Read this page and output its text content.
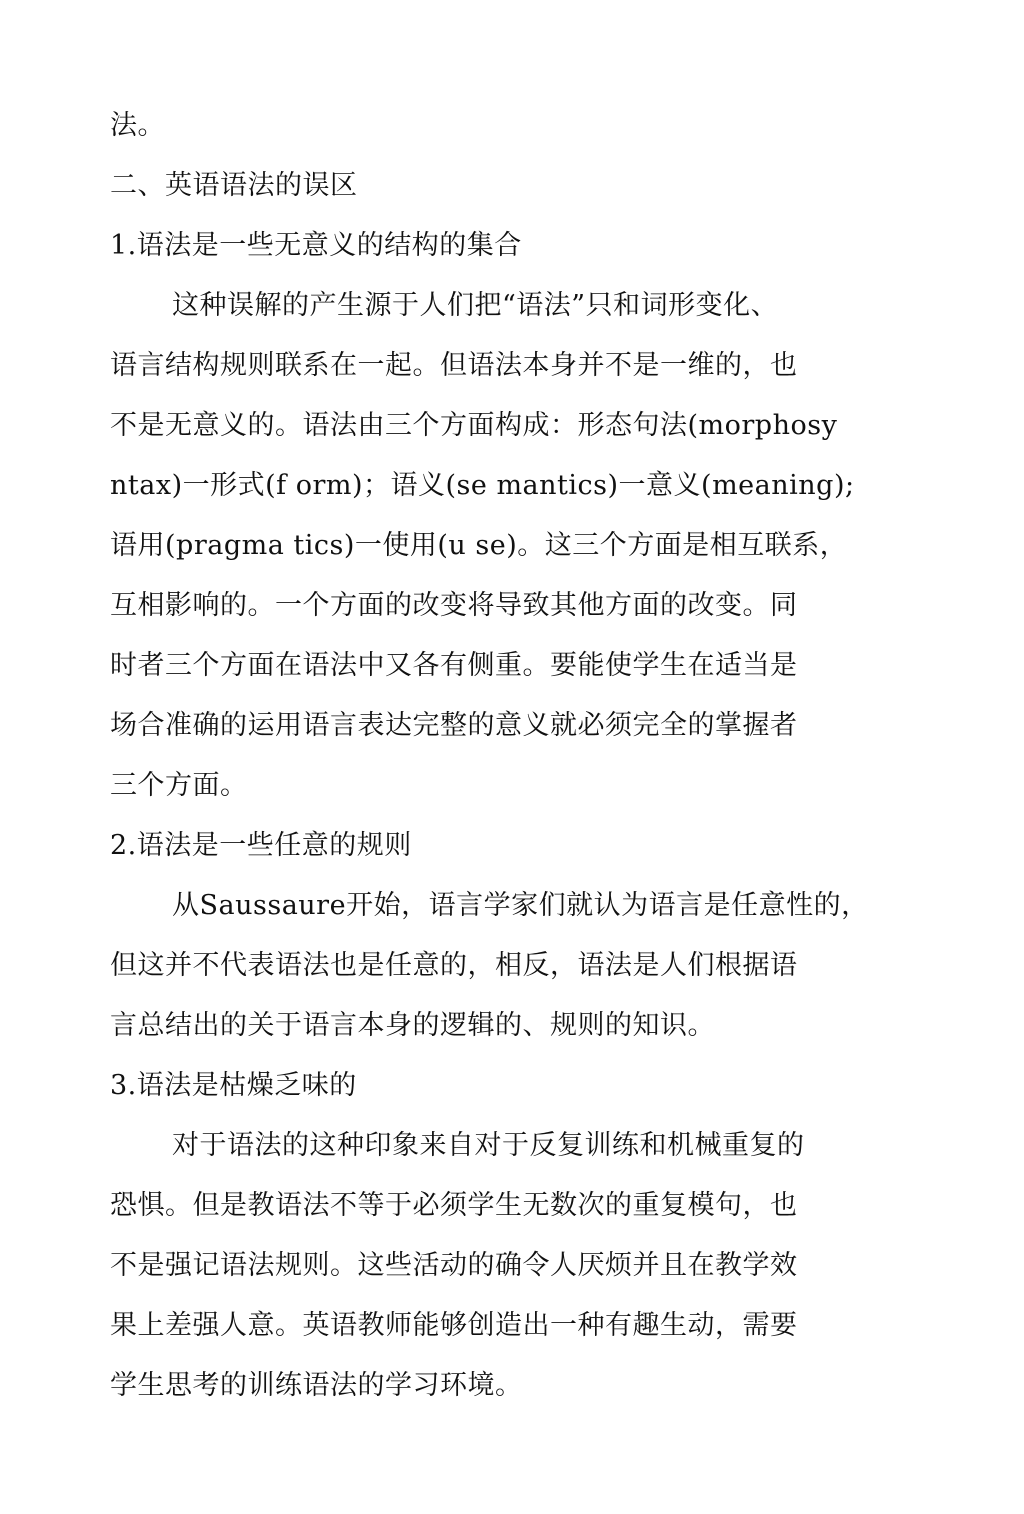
法。
二、英语语法的误区
1.语法是一些无意义的结构的集合
这种误解的产生源于人们把“语法”只和词形变化、
语言结构规则联系在一起。但语法本身并不是一维的，也
不是无意义的。语法由三个方面构成：形态句法(morphosy
ntax)一形式(f orm)；语义(se mantics)一意义(meaning);
语用(pragma tics)一使用(u se)。这三个方面是相互联系，
互相影响的。一个方面的改变将导致其他方面的改变。同
时者三个方面在语法中又各有侧重。要能使学生在适当是
场合准确的运用语言表达完整的意义就必须完全的掌握者
三个方面。
2.语法是一些任意的规则
从Saussaure开始，语言学家们就认为语言是任意性的，
但这并不代表语法也是任意的，相反，语法是人们根据语
言总结出的关于语言本身的逻辑的、规则的知识。
3.语法是枯燥乏味的
对于语法的这种印象来自对于反复训练和机械重复的
恐惧。但是教语法不等于必须学生无数次的重复模句，也
不是强记语法规则。这些活动的确令人厌烦并且在教学效
果上差强人意。英语教师能够创造出一种有趣生动，需要
学生思考的训练语法的学习环境。
